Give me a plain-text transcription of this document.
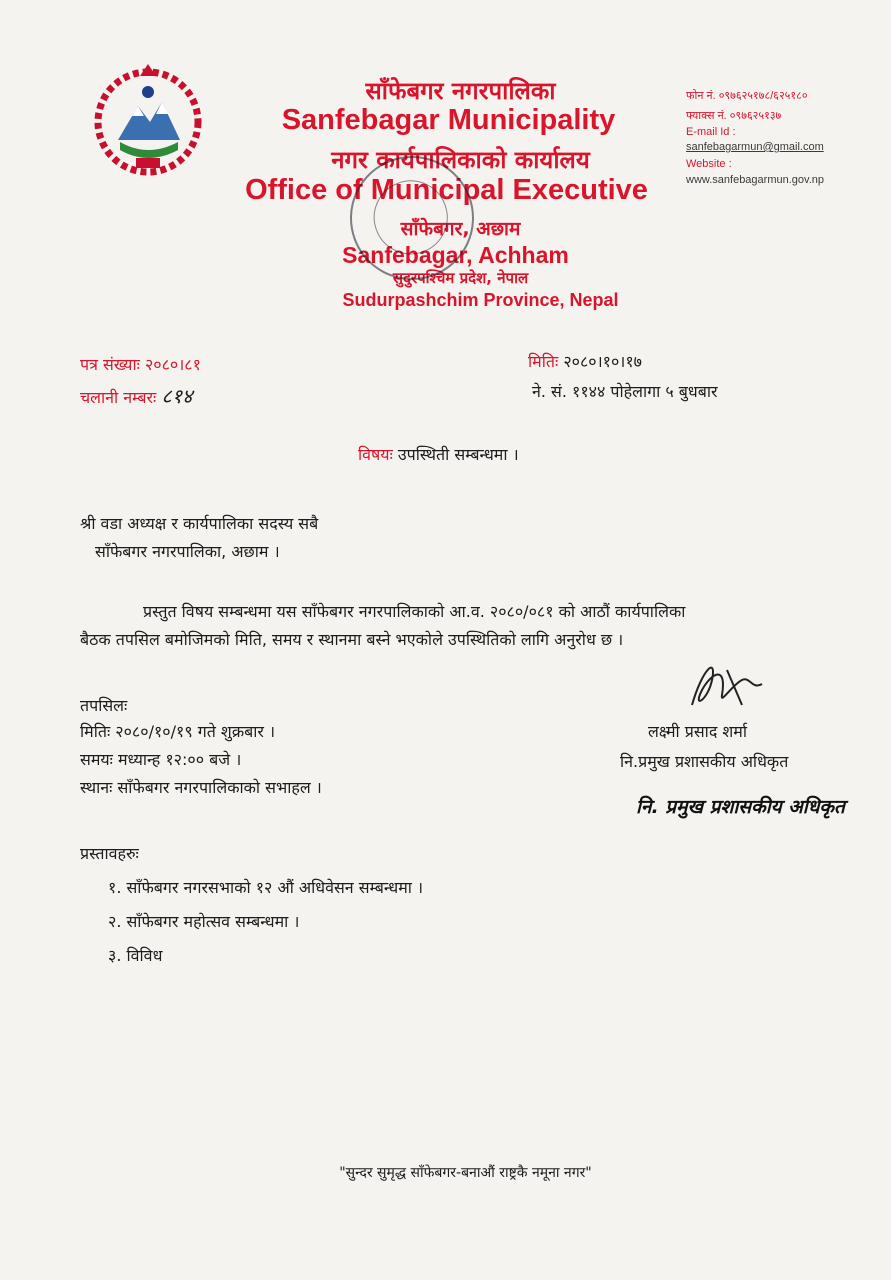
साँफेबगर नगरपालिका
Sanfebagar Municipality
नगर कार्यपालिकाको कार्यालय
Office of Municipal Executive
साँफेबगर, अछाम
Sanfebagar, Achham
सुदुरपश्चिम प्रदेश, नेपाल
Sudurpashchim Province, Nepal
फोन नं. ०९७६२५१७८/६२५१८०
फ्याक्स नं. ०९७६२५१३७
E-mail Id :
sanfebagarmun@gmail.com
Website :
www.sanfebagarmun.gov.np
पत्र संख्याः २०८०।८१
चलानी नम्बरः ८१४
मितिः २०८०।१०।१७
ने. सं. ११४४ पोहेलागा ५ बुधबार
विषयः उपस्थिती सम्बन्धमा ।
श्री वडा अध्यक्ष र कार्यपालिका सदस्य सबै
साँफेबगर नगरपालिका, अछाम ।
प्रस्तुत विषय सम्बन्धमा यस साँफेबगर नगरपालिकाको आ.व. २०८०/०८१ को आठौं कार्यपालिका
बैठक तपसिल बमोजिमको मिति, समय र स्थानमा बस्ने भएकोले उपस्थितिको लागि अनुरोध छ ।
तपसिलः
मितिः २०८०/१०/१९ गते शुक्रबार ।
समयः मध्यान्ह १२:०० बजे ।
स्थानः साँफेबगर नगरपालिकाको सभाहल ।
लक्ष्मी प्रसाद शर्मा
नि.प्रमुख प्रशासकीय अधिकृत
नि. प्रमुख प्रशासकीय अधिकृत
प्रस्तावहरुः
१. साँफेबगर नगरसभाको १२ औं अधिवेसन सम्बन्धमा ।
२. साँफेबगर महोत्सव सम्बन्धमा ।
३. विविध
"सुन्दर सुमृद्ध साँफेबगर-बनाऔं राष्ट्रकै नमूना नगर"
